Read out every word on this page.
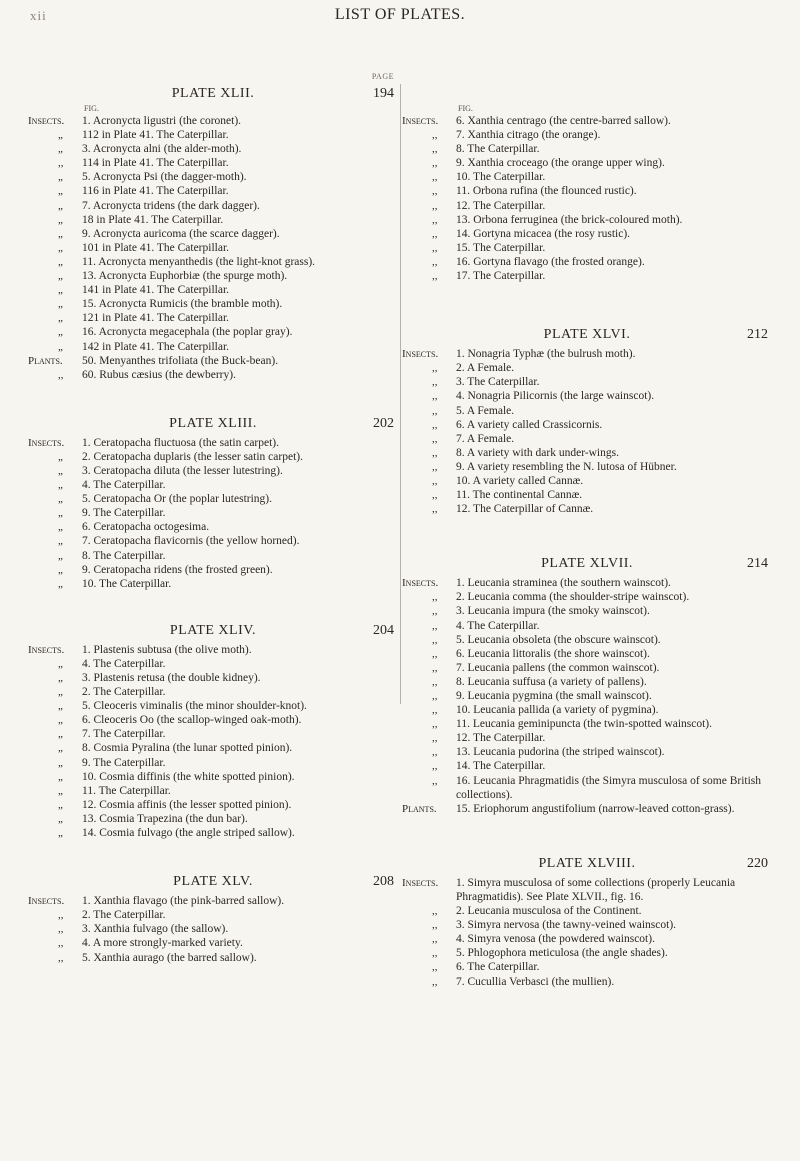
xii	LIST OF PLATES.
PAGE
PLATE XLII.	194
FIG.
Insects.	1. Acronycta ligustri (the coronet).
„	112 in Plate 41. The Caterpillar.
„	3. Acronycta alni (the alder-moth).
,,	114 in Plate 41. The Caterpillar.
„	5. Acronycta Psi (the dagger-moth).
„	116 in Plate 41. The Caterpillar.
„	7. Acronycta tridens (the dark dagger).
„	18 in Plate 41. The Caterpillar.
„	9. Acronycta auricoma (the scarce dagger).
„	101 in Plate 41. The Caterpillar.
„	11. Acronycta menyanthedis (the light-knot grass).
„	13. Acronycta Euphorbiæ (the spurge moth).
„	141 in Plate 41. The Caterpillar.
„	15. Acronycta Rumicis (the bramble moth).
„	121 in Plate 41. The Caterpillar.
„	16. Acronycta megacephala (the poplar gray).
„	142 in Plate 41. The Caterpillar.
Plants.	50. Menyanthes trifoliata (the Buck-bean).
,,	60. Rubus cæsius (the dewberry).
PLATE XLIII.	202
Insects.	1. Ceratopacha fluctuosa (the satin carpet).
„	2. Ceratopacha duplaris (the lesser satin carpet).
„	3. Ceratopacha diluta (the lesser lutestring).
„	4. The Caterpillar.
„	5. Ceratopacha Or (the poplar lutestring).
„	9. The Caterpillar.
„	6. Ceratopacha octogesima.
„	7. Ceratopacha flavicornis (the yellow horned).
„	8. The Caterpillar.
„	9. Ceratopacha ridens (the frosted green).
„	10. The Caterpillar.
PLATE XLIV.	204
Insects.	1. Plastenis subtusa (the olive moth).
„	4. The Caterpillar.
„	3. Plastenis retusa (the double kidney).
„	2. The Caterpillar.
„	5. Cleoceris viminalis (the minor shoulder-knot).
„	6. Cleoceris Oo (the scallop-winged oak-moth).
„	7. The Caterpillar.
„	8. Cosmia Pyralina (the lunar spotted pinion).
„	9. The Caterpillar.
„	10. Cosmia diffinis (the white spotted pinion).
„	11. The Caterpillar.
„	12. Cosmia affinis (the lesser spotted pinion).
„	13. Cosmia Trapezina (the dun bar).
„	14. Cosmia fulvago (the angle striped sallow).
PLATE XLV.	208
Insects.	1. Xanthia flavago (the pink-barred sallow).
,,	2. The Caterpillar.
,,	3. Xanthia fulvago (the sallow).
,,	4. A more strongly-marked variety.
,,	5. Xanthia aurago (the barred sallow).
FIG.
Insects.	6. Xanthia centrago (the centre-barred sallow).
,,	7. Xanthia citrago (the orange).
,,	8. The Caterpillar.
,,	9. Xanthia croceago (the orange upper wing).
,,	10. The Caterpillar.
,,	11. Orbona rufina (the flounced rustic).
,,	12. The Caterpillar.
,,	13. Orbona ferruginea (the brick-coloured moth).
,,	14. Gortyna micacea (the rosy rustic).
,,	15. The Caterpillar.
,,	16. Gortyna flavago (the frosted orange).
,,	17. The Caterpillar.
PLATE XLVI.	212
Insects.	1. Nonagria Typhæ (the bulrush moth).
,,	2. A Female.
,,	3. The Caterpillar.
,,	4. Nonagria Pilicornis (the large wainscot).
,,	5. A Female.
,,	6. A variety called Crassicornis.
,,	7. A Female.
,,	8. A variety with dark under-wings.
,,	9. A variety resembling the N. lutosa of Hübner.
,,	10. A variety called Cannæ.
,,	11. The continental Cannæ.
,,	12. The Caterpillar of Cannæ.
PLATE XLVII.	214
Insects.	1. Leucania straminea (the southern wainscot).
,,	2. Leucania comma (the shoulder-stripe wainscot).
,,	3. Leucania impura (the smoky wainscot).
,,	4. The Caterpillar.
,,	5. Leucania obsoleta (the obscure wainscot).
,,	6. Leucania littoralis (the shore wainscot).
,,	7. Leucania pallens (the common wainscot).
,,	8. Leucania suffusa (a variety of pallens).
,,	9. Leucania pygmina (the small wainscot).
,,	10. Leucania pallida (a variety of pygmina).
,,	11. Leucania geminipuncta (the twin-spotted wainscot).
,,	12. The Caterpillar.
,,	13. Leucania pudorina (the striped wainscot).
,,	14. The Caterpillar.
,,	16. Leucania Phragmatidis (the Simyra musculosa of some British collections).
Plants.	15. Eriophorum angustifolium (narrow-leaved cotton-grass).
PLATE XLVIII.	220
Insects.	1. Simyra musculosa of some collections (properly Leucania Phragmatidis). See Plate XLVII., fig. 16.
,,	2. Leucania musculosa of the Continent.
,,	3. Simyra nervosa (the tawny-veined wainscot).
,,	4. Simyra venosa (the powdered wainscot).
,,	5. Phlogophora meticulosa (the angle shades).
,,	6. The Caterpillar.
,,	7. Cucullia Verbasci (the mullien).
